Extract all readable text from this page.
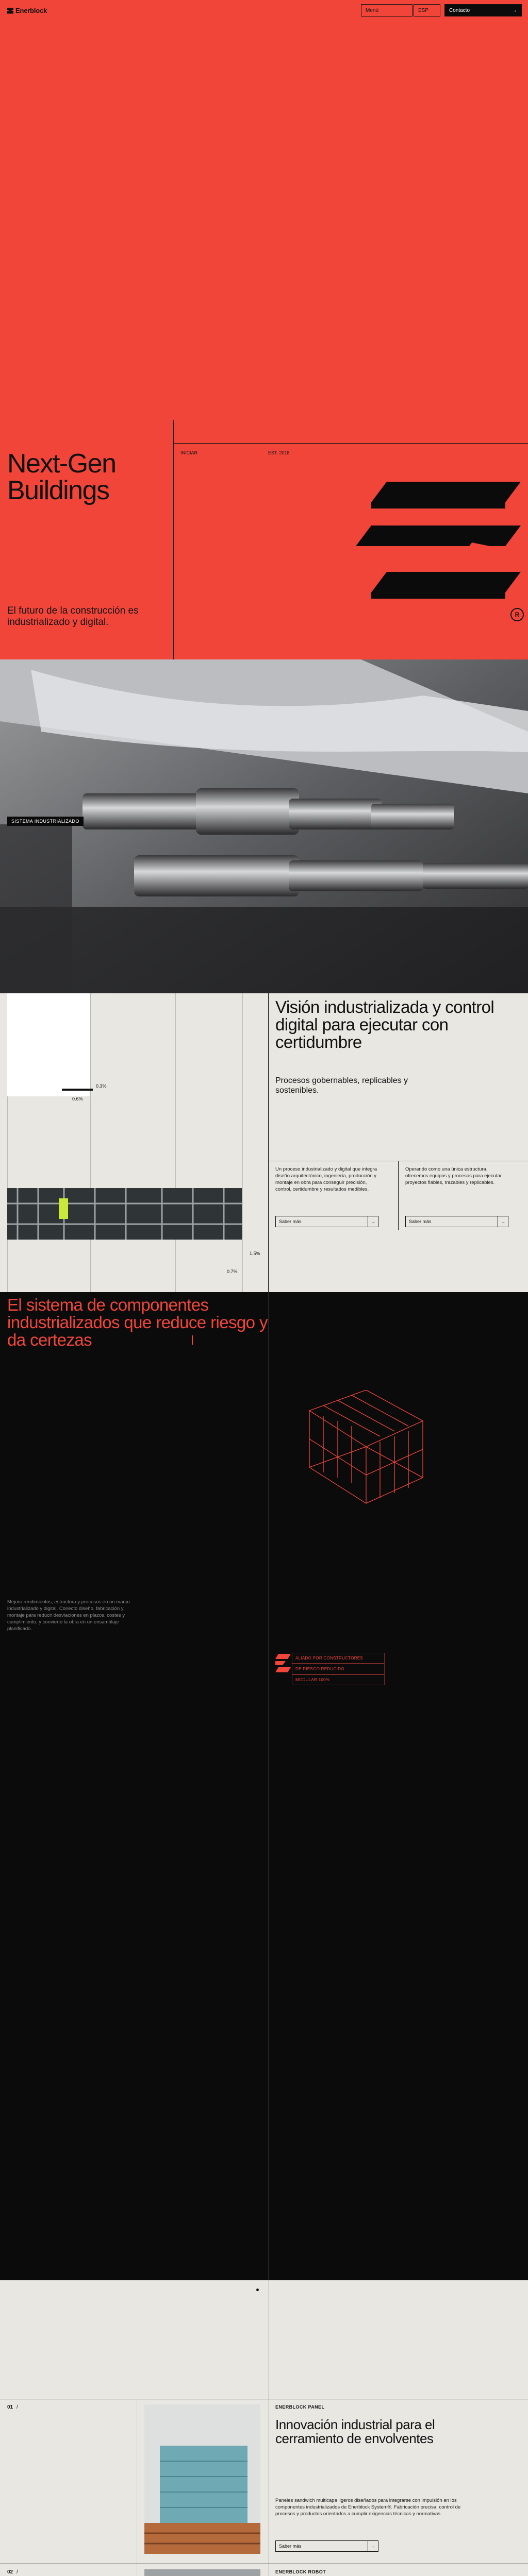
Next-Gen
Buildings
El futuro de la construcción es industrializado y digital.
INICIAR	EST. 2018
R
Enerblock	Menú	ESP	Contacto	→
SISTEMA INDUSTRIALIZADO
0.3%
0.6%
1.5%
0.7%
Visión industrializada y control digital para ejecutar con certidumbre
Procesos gobernables, replicables y sostenibles.
Un proceso industrializado y digital que integra diseño arquitectónico, ingeniería, producción y montaje en obra para conseguir precisión, control, certidumbre y resultados medibles.
Operando como una única estructura, ofrecemos equipos y procesos para ejecutar proyectos fiables, trazables y replicables.
Saber más	→	Saber más	→
El sistema de componentes industrializados que reduce riesgo y da certezas
Mejoro rendimientos, estructura y procesos en un marco industrializado y digital. Conecto diseño, fabricación y montaje para reducir desviaciones en plazos, costes y cumplimiento, y convierto la obra en un ensamblaje planificado.
ALIADO POR CONSTRUCTORES
DE RIESGO REDUCIDO
MODULAR 100%
01 /	ENERBLOCK PANEL
Innovación industrial para el cerramiento de envolventes
Paneles sandwich multicapa ligeros diseñados para integrarse con impulsión en los componentes industrializados de Enerblock System®. Fabricación precisa, control de procesos y productos orientados a cumplir exigencias técnicas y normativas.
Saber más	→
02 /	ENERBLOCK ROBOT
